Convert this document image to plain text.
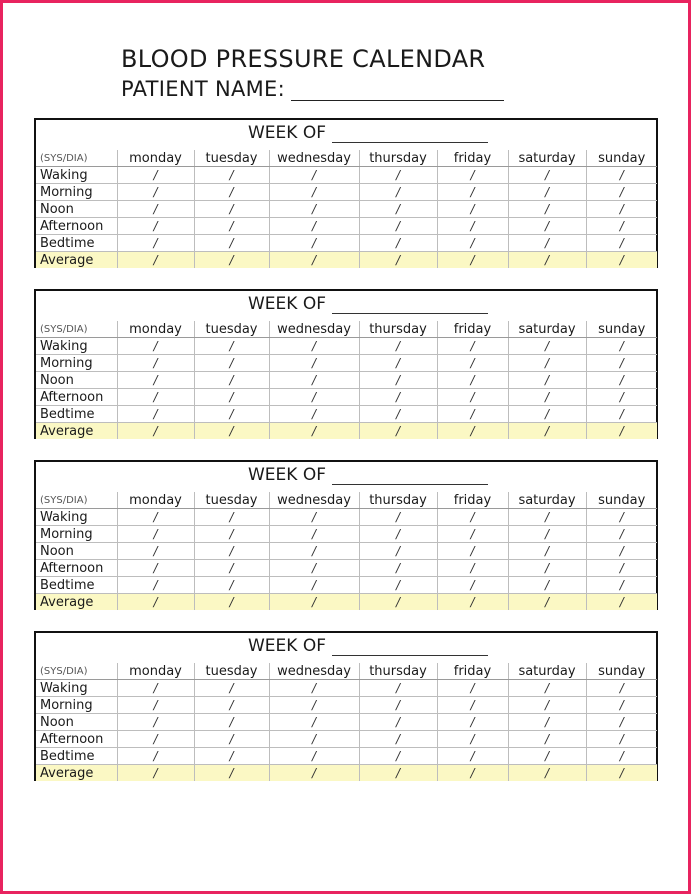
BLOOD PRESSURE CALENDAR
PATIENT NAME:
WEEK OF
(SYS/DIA)	monday	tuesday	wednesday	thursday	friday	saturday	sunday
Waking	/	/	/	/	/	/	/
Morning	/	/	/	/	/	/	/
Noon	/	/	/	/	/	/	/
Afternoon	/	/	/	/	/	/	/
Bedtime	/	/	/	/	/	/	/
Average	/	/	/	/	/	/	/
WEEK OF
(SYS/DIA)	monday	tuesday	wednesday	thursday	friday	saturday	sunday
Waking	/	/	/	/	/	/	/
Morning	/	/	/	/	/	/	/
Noon	/	/	/	/	/	/	/
Afternoon	/	/	/	/	/	/	/
Bedtime	/	/	/	/	/	/	/
Average	/	/	/	/	/	/	/
WEEK OF
(SYS/DIA)	monday	tuesday	wednesday	thursday	friday	saturday	sunday
Waking	/	/	/	/	/	/	/
Morning	/	/	/	/	/	/	/
Noon	/	/	/	/	/	/	/
Afternoon	/	/	/	/	/	/	/
Bedtime	/	/	/	/	/	/	/
Average	/	/	/	/	/	/	/
WEEK OF
(SYS/DIA)	monday	tuesday	wednesday	thursday	friday	saturday	sunday
Waking	/	/	/	/	/	/	/
Morning	/	/	/	/	/	/	/
Noon	/	/	/	/	/	/	/
Afternoon	/	/	/	/	/	/	/
Bedtime	/	/	/	/	/	/	/
Average	/	/	/	/	/	/	/
